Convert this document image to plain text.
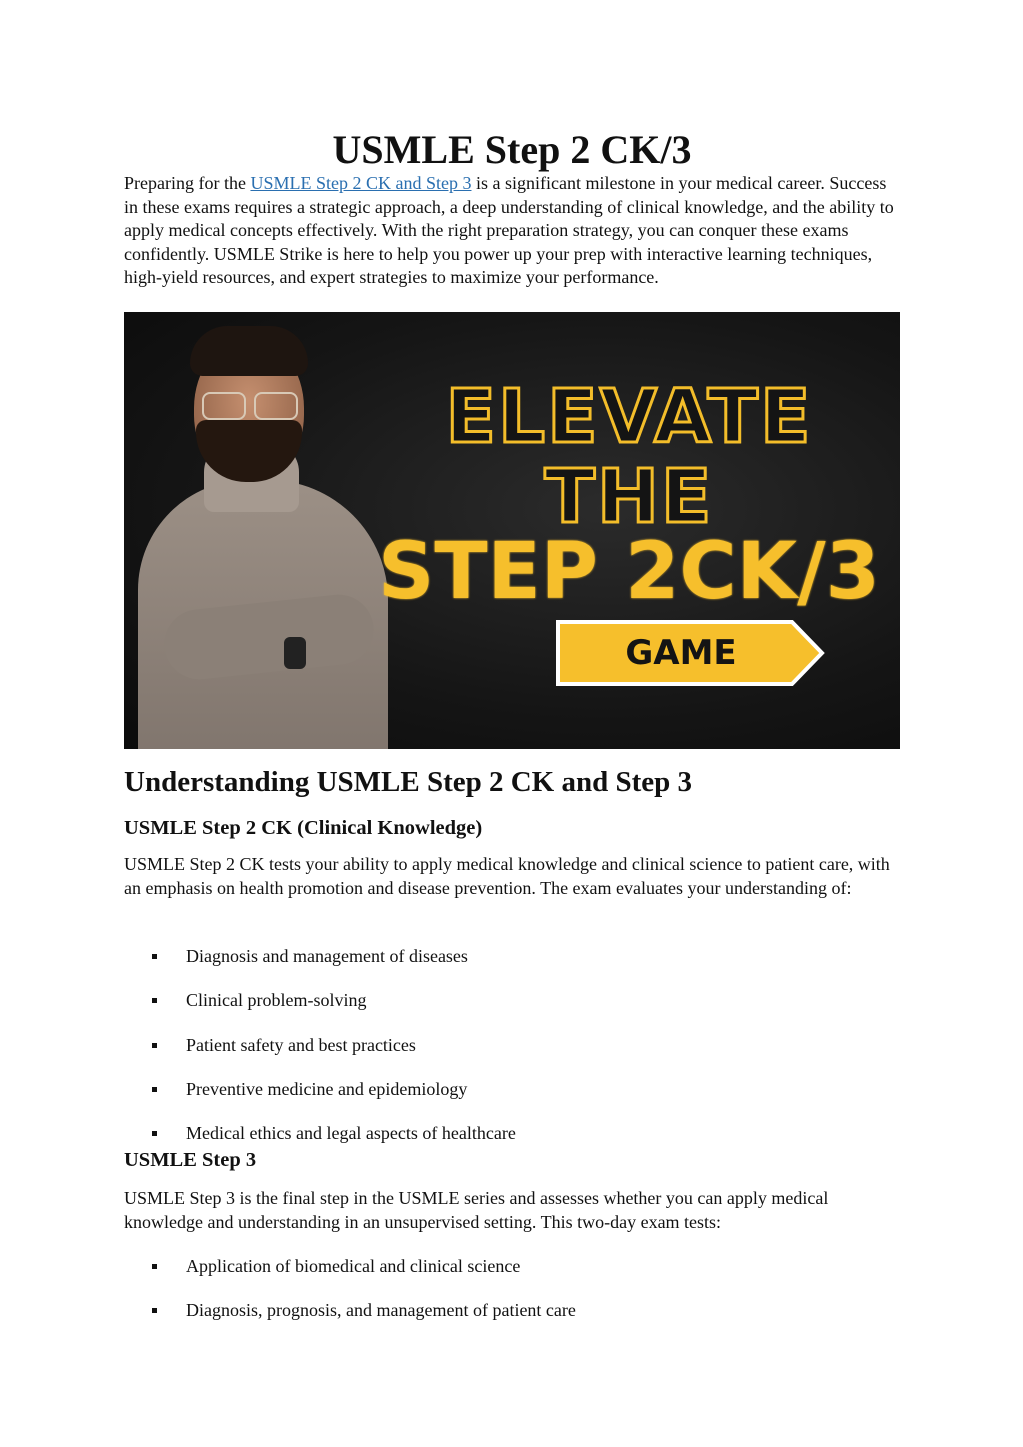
USMLE Step 2 CK/3

Preparing for the USMLE Step 2 CK and Step 3 is a significant milestone in your medical career. Success in these exams requires a strategic approach, a deep understanding of clinical knowledge, and the ability to apply medical concepts effectively. With the right preparation strategy, you can conquer these exams confidently. USMLE Strike is here to help you power up your prep with interactive learning techniques, high-yield resources, and expert strategies to maximize your performance.

ELEVATE
THE
STEP 2CK/3
GAME
Understanding USMLE Step 2 CK and Step 3
USMLE Step 2 CK (Clinical Knowledge)

USMLE Step 2 CK tests your ability to apply medical knowledge and clinical science to patient care, with an emphasis on health promotion and disease prevention. The exam evaluates your understanding of:

Diagnosis and management of diseases
Clinical problem-solving
Patient safety and best practices
Preventive medicine and epidemiology
Medical ethics and legal aspects of healthcare
USMLE Step 3

USMLE Step 3 is the final step in the USMLE series and assesses whether you can apply medical knowledge and understanding in an unsupervised setting. This two-day exam tests:

Application of biomedical and clinical science
Diagnosis, prognosis, and management of patient care
